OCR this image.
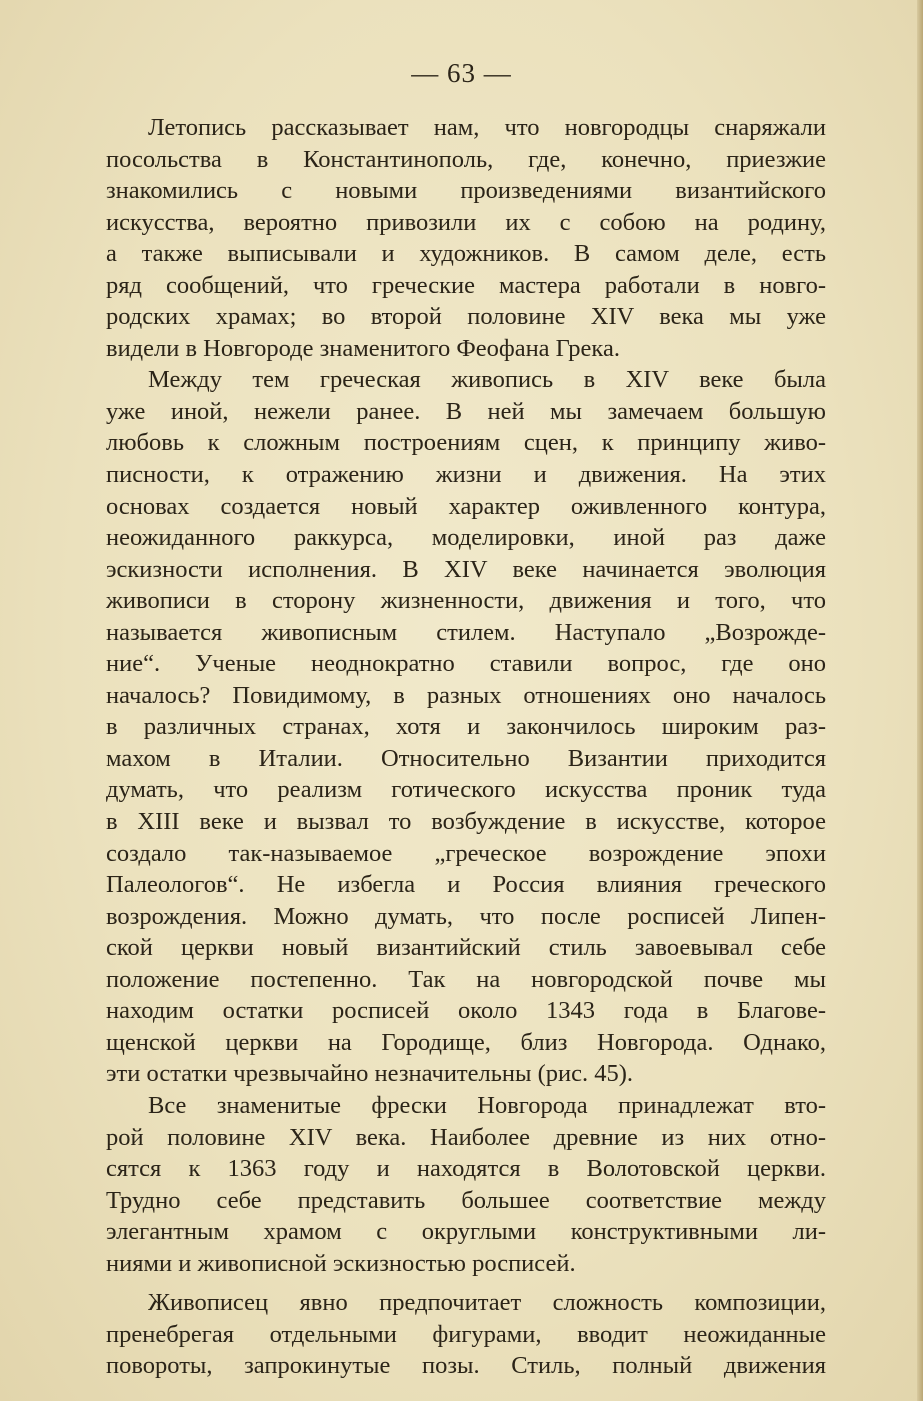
— 63 —
Летопись рассказывает нам, что новгородцы снаряжали
посольства в Константинополь, где, конечно, приезжие
знакомились с новыми произведениями византийского
искусства, вероятно привозили их с собою на родину,
а также выписывали и художников. В самом деле, есть
ряд сообщений, что греческие мастера работали в новго-
родских храмах; во второй половине XIV века мы уже
видели в Новгороде знаменитого Феофана Грека.
Между тем греческая живопись в XIV веке была
уже иной, нежели ранее. В ней мы замечаем большую
любовь к сложным построениям сцен, к принципу живо-
писности, к отражению жизни и движения. На этих
основах создается новый характер оживленного контура,
неожиданного раккурса, моделировки, иной раз даже
эскизности исполнения. В XIV веке начинается эволюция
живописи в сторону жизненности, движения и того, что
называется живописным стилем. Наступало „Возрожде-
ние“. Ученые неоднократно ставили вопрос, где оно
началось? Повидимому, в разных отношениях оно началось
в различных странах, хотя и закончилось широким раз-
махом в Италии. Относительно Византии приходится
думать, что реализм готического искусства проник туда
в XIII веке и вызвал то возбуждение в искусстве, которое
создало так-называемое „греческое возрождение эпохи
Палеологов“. Не избегла и Россия влияния греческого
возрождения. Можно думать, что после росписей Липен-
ской церкви новый византийский стиль завоевывал себе
положение постепенно. Так на новгородской почве мы
находим остатки росписей около 1343 года в Благове-
щенской церкви на Городище, близ Новгорода. Однако,
эти остатки чрезвычайно незначительны (рис. 45).
Все знаменитые фрески Новгорода принадлежат вто-
рой половине XIV века. Наиболее древние из них отно-
сятся к 1363 году и находятся в Волотовской церкви.
Трудно себе представить большее соответствие между
элегантным храмом с округлыми конструктивными ли-
ниями и живописной эскизностью росписей.
Живописец явно предпочитает сложность композиции,
пренебрегая отдельными фигурами, вводит неожиданные
повороты, запрокинутые позы. Стиль, полный движения
